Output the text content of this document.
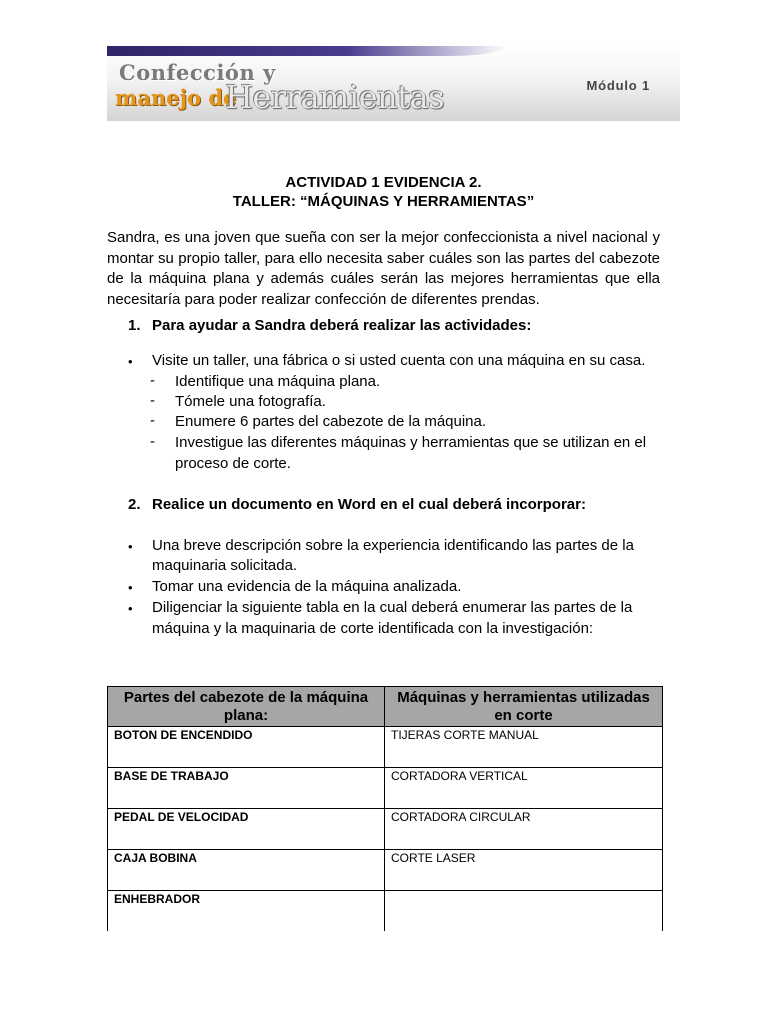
Confección y
manejo de
Herramientas	Módulo 1
ACTIVIDAD 1 EVIDENCIA 2.
TALLER: “MÁQUINAS Y HERRAMIENTAS”
Sandra, es una joven que sueña con ser la mejor confeccionista a nivel nacional y montar su propio taller, para ello necesita saber cuáles son las partes del cabezote de la máquina plana y además cuáles serán las mejores herramientas que ella necesitaría para poder realizar confección de diferentes prendas.
1. Para ayudar a Sandra deberá realizar las actividades:
• Visite un taller, una fábrica o si usted cuenta con una máquina en su casa.
- Identifique una máquina plana.
- Tómele una fotografía.
- Enumere 6 partes del cabezote de la máquina.
- Investigue las diferentes máquinas y herramientas que se utilizan en el
proceso de corte.
2. Realice un documento en Word en el cual deberá incorporar:
• Una breve descripción sobre la experiencia identificando las partes de la
maquinaria solicitada.
• Tomar una evidencia de la máquina analizada.
• Diligenciar la siguiente tabla en la cual deberá enumerar las partes de la
máquina y la maquinaria de corte identificada con la investigación:
Partes del cabezote de la máquina plana:	Máquinas y herramientas utilizadas en corte
BOTON DE ENCENDIDO	TIJERAS CORTE MANUAL
BASE DE TRABAJO	CORTADORA VERTICAL
PEDAL DE VELOCIDAD	CORTADORA CIRCULAR
CAJA BOBINA	CORTE LASER
ENHEBRADOR	
